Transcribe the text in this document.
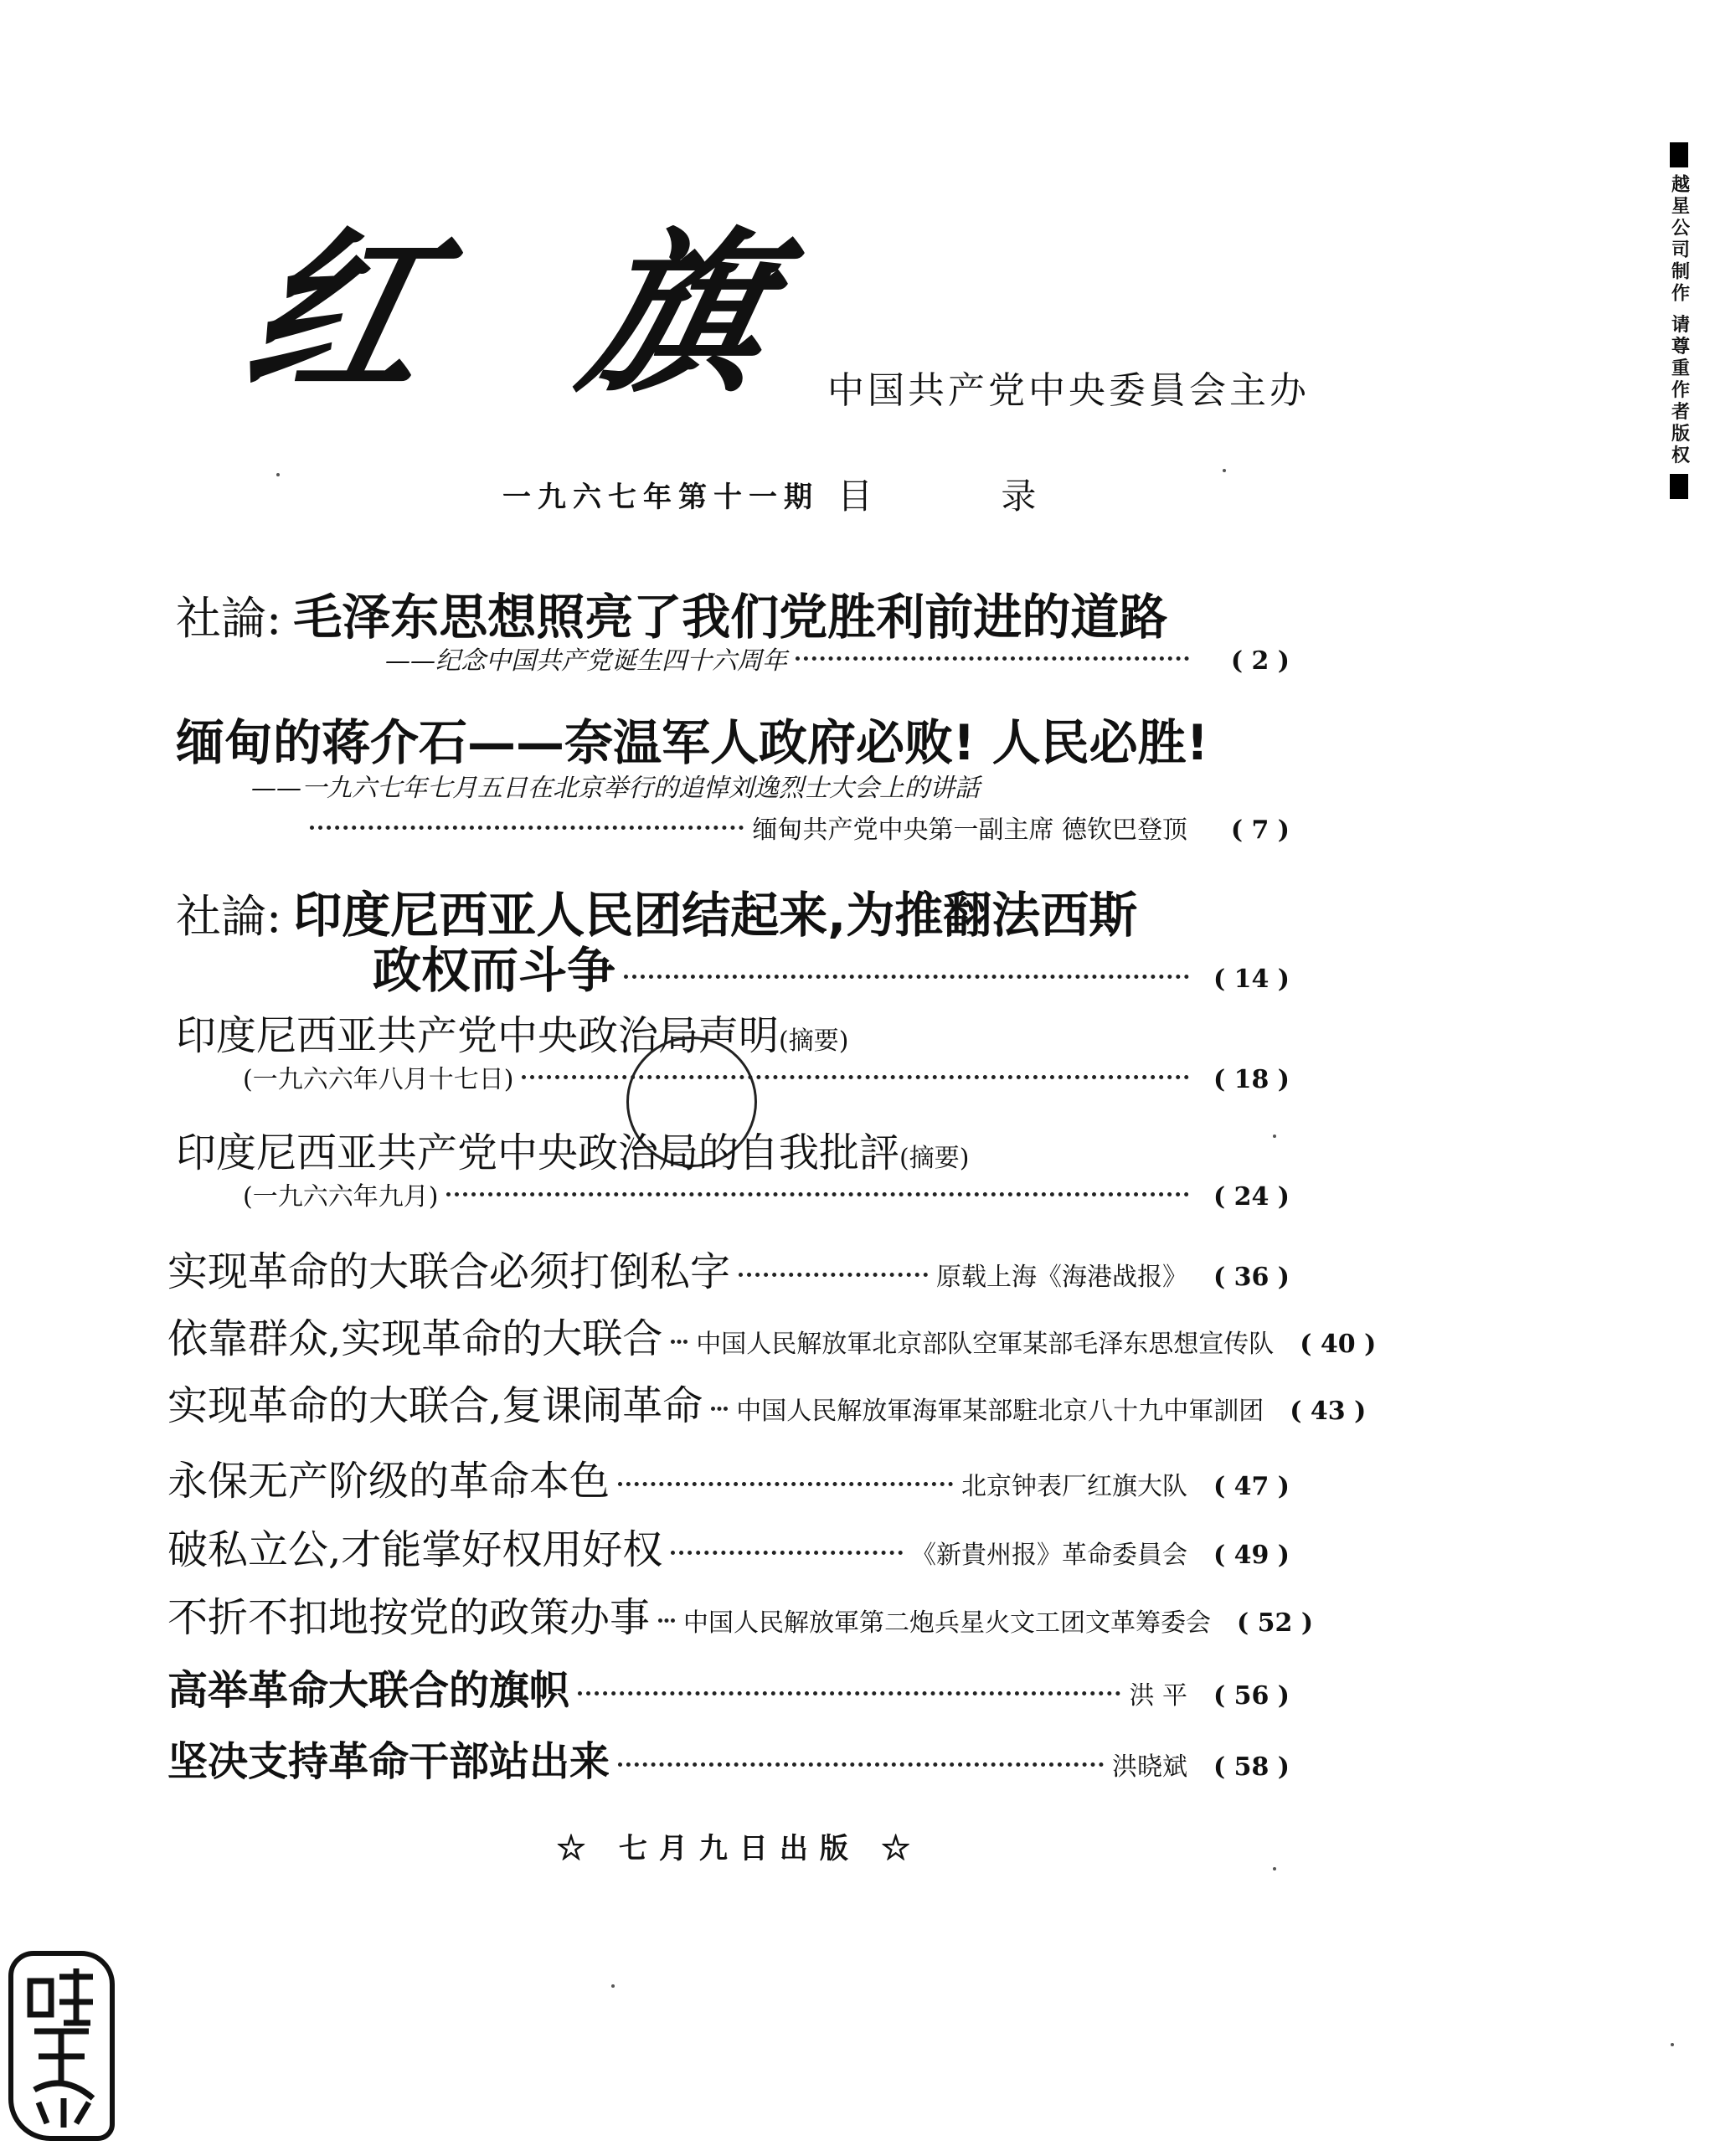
红 旗
中国共产党中央委員会主办
一九六七年第十一期 目 录
越星公司制作 请尊重作者版权
社論: 毛泽东思想照亮了我们党胜利前进的道路
——纪念中国共产党诞生四十六周年	( 2 )
缅甸的蒋介石——奈温军人政府必败! 人民必胜!
——一九六七年七月五日在北京举行的追悼刘逸烈士大会上的讲話
缅甸共产党中央第一副主席 德钦巴登顶	( 7 )
社論: 印度尼西亚人民团结起来,为推翻法西斯
政权而斗争	( 14 )
印度尼西亚共产党中央政治局声明 (摘要)
(一九六六年八月十七日)	( 18 )
印度尼西亚共产党中央政治局的自我批評 (摘要)
(一九六六年九月)	( 24 )
实现革命的大联合必须打倒私字	原载上海《海港战报》	( 36 )
依靠群众,实现革命的大联合 中国人民解放軍北京部队空軍某部毛泽东思想宣传队	( 40 )
实现革命的大联合,复课闹革命 中国人民解放軍海軍某部駐北京八十九中軍訓团	( 43 )
永保无产阶级的革命本色	北京钟表厂红旗大队	( 47 )
破私立公,才能掌好权用好权	《新貴州报》革命委員会	( 49 )
不折不扣地按党的政策办事 中国人民解放軍第二炮兵星火文工团文革筹委会	( 52 )
高举革命大联合的旗帜	洪 平	( 56 )
坚决支持革命干部站出来	洪晓斌	( 58 )
☆ 七月九日出版 ☆
